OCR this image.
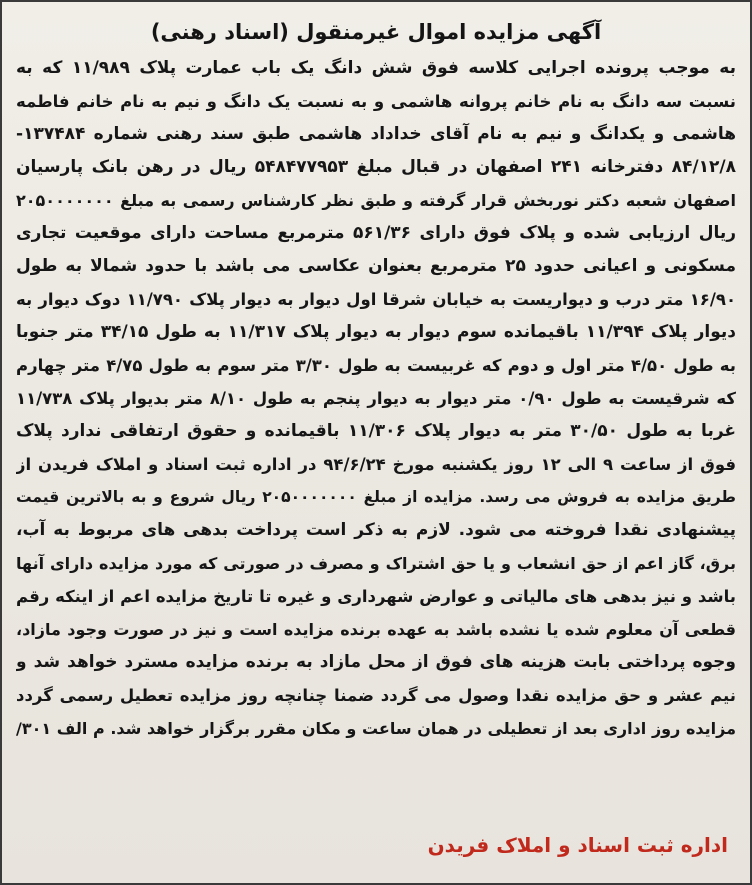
آگهی مزایده اموال غیرمنقول (اسناد رهنی)
به موجب پرونده اجرایی کلاسه فوق شش دانگ یک باب عمارت پلاک ۱۱/۹۸۹ که به
نسبت سه دانگ به نام خانم پروانه هاشمی و به نسبت یک دانگ و نیم به نام خانم فاطمه
هاشمی و یکدانگ و نیم به نام آقای خداداد هاشمی طبق سند رهنی شماره ۱۳۷۴۸۴-
۸۴/۱۲/۸ دفترخانه ۲۴۱ اصفهان در قبال مبلغ ۵۴۸۴۷۷۹۵۳ ریال در رهن بانک پارسیان
اصفهان شعبه دکتر نوربخش قرار گرفته و طبق نظر کارشناس رسمی به مبلغ ۲۰۵۰۰۰۰۰۰۰
ریال ارزیابی شده و پلاک فوق دارای ۵۶۱/۳۶ مترمربع مساحت دارای موقعیت تجاری
مسکونی و اعیانی حدود ۲۵ مترمربع بعنوان عکاسی می باشد با حدود شمالا به طول
۱۶/۹۰ متر درب و دیواریست به خیابان شرقا اول دیوار به دیوار پلاک ۱۱/۷۹۰ دوک دیوار به
دیوار پلاک ۱۱/۳۹۴ باقیمانده سوم دیوار به دیوار پلاک ۱۱/۳۱۷ به طول ۳۴/۱۵ متر جنوبا
به طول ۴/۵۰ متر اول و دوم که غربیست به طول ۳/۳۰ متر سوم به طول ۴/۷۵ متر چهارم
که شرقیست به طول ۰/۹۰ متر دیوار به دیوار پنجم به طول ۸/۱۰ متر بدیوار پلاک ۱۱/۷۳۸
غربا به طول ۳۰/۵۰ متر به دیوار پلاک ۱۱/۳۰۶ باقیمانده و حقوق ارتفاقی ندارد پلاک
فوق از ساعت ۹ الی ۱۲ روز یکشنبه مورخ ۹۴/۶/۲۴ در اداره ثبت اسناد و املاک فریدن از
طریق مزایده به فروش می رسد. مزایده از مبلغ ۲۰۵۰۰۰۰۰۰۰ ریال شروع و به بالاترین قیمت
پیشنهادی نقدا فروخته می شود. لازم به ذکر است پرداخت بدهی های مربوط به آب،
برق، گاز اعم از حق انشعاب و یا حق اشتراک و مصرف در صورتی که مورد مزایده دارای آنها
باشد و نیز بدهی های مالیاتی و عوارض شهرداری و غیره تا تاریخ مزایده اعم از اینکه رقم
قطعی آن معلوم شده یا نشده باشد به عهده برنده مزایده است و نیز در صورت وجود مازاد،
وجوه پرداختی بابت هزینه های فوق از محل مازاد به برنده مزایده مسترد خواهد شد و
نیم عشر و حق مزایده نقدا وصول می گردد ضمنا چنانچه روز مزایده تعطیل رسمی گردد
مزایده روز اداری بعد از تعطیلی در همان ساعت و مکان مقرر برگزار خواهد شد. م الف ۳۰۱/
اداره ثبت اسناد و املاک فریدن
